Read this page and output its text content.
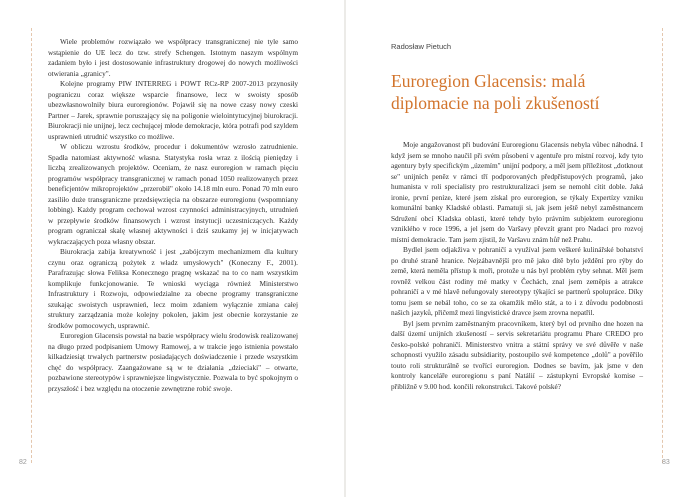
Wiele problemów rozwiązało we współpracy transgranicznej nie tyle samo wstąpienie do UE lecz do tzw. strefy Schengen. Istotnym naszym wspólnym zadaniem było i jest dostosowanie infrastruktury drogowej do nowych możliwości otwierania „granicy".

Kolejne programy PIW INTERREG i POWT RCz-RP 2007-2013 przynosiły pograniczu coraz większe wsparcie finansowe, lecz w swoisty sposób ubezwłasnowolniły biura euroregionów. Pojawił się na nowe czasy nowy czeski Partner – Jarek, sprawnie poruszający się na poligonie wielointytucyjnej biurokracji. Biurokracji nie unijnej, lecz cechującej młode demokracje, która potrafi pod szyldem usprawnień utrudnić wszystko co możliwe.

W obliczu wzrostu środków, procedur i dokumentów wzrosło zatrudnienie. Spadła natomiast aktywność własna. Statystyka rosła wraz z ilością pieniędzy i liczbą zrealizowanych projektów. Oceniam, że nasz euroregion w ramach pięciu programów współpracy transgranicznej w ramach ponad 1050 realizowanych przez beneficjentów mikroprojektów „przerobił" około 14.18 mln euro. Ponad 70 mln euro zasiliło duże transgraniczne przedsięwzięcia na obszarze euroregionu (wspomniany lobbing). Każdy program cechował wzrost czynności administracyjnych, utrudnień w przepływie środków finansowych i wzrost instytucji uczestniczących. Każdy program ograniczał skalę własnej aktywności i dziś szukamy jej w inicjatywach wykraczających poza własny obszar.

Biurokracja zabija kreatywność i jest „zabójczym mechanizmem dla kultury czynu oraz ograniczą pożytek z władz umysłowych" (Koneczny F., 2001). Parafrazując słowa Feliksa Konecznego pragnę wskazać na to co nam wszystkim komplikuje funkcjonowanie. Te wnioski wyciąga również Ministerstwo Infrastruktury i Rozwoju, odpowiedzialne za obecne programy transgraniczne szukając swoistych usprawnień, lecz moim zdaniem wyłącznie zmiana całej struktury zarządzania może kolejny pokolen, jakim jest obecnie korzystanie ze środków pomocowych, usprawnić.

Euroregion Glacensis powstał na bazie współpracy wielu środowisk realizowanej na długo przed podpisaniem Umowy Ramowej, a w trakcie jego istnienia powstało kilkadziesiąt trwałych partnerstw posiadających doświadczenie i przede wszystkim chęć do współpracy. Zaangażowane są w te działania „dzieciaki" – otwarte, pozbawione stereotypów i sprawniejsze lingwistycznie. Pozwala to być spokojnym o przyszłość i bez względu na otoczenie zewnętrzne robić swoje.

82
Radosław Pietuch
Euroregion Glacensis: malá diplomacie na poli zkušeností

Moje angažovanost při budování Euroregionu Glacensis nebyla vůbec náhodná. I když jsem se mnoho naučil při svém působení v agentuře pro místní rozvoj, kdy tyto agentury byly specifickým „územím" unijní podpory, a měl jsem příležitost „dotknout se" unijních peněz v rámci tří podporovaných předpřístupových programů, jako humanista v roli specialisty pro restrukturalizaci jsem se nemohl cítit doble. Jaká ironie, první peníze, které jsem získal pro euroregion, se týkaly Expertízy vzniku komunální banky Kladské oblasti. Pamatuji si, jak jsem ještě nebyl zaměstnancem Sdružení obcí Kladska oblasti, které tehdy bylo právním subjektem euroregionu vzniklého v roce 1996, a jel jsem do Varšavy převzít grant pro Nadaci pro rozvoj místní demokracie. Tam jsem zjistil, že Varšavu znám hůř než Prahu.

Bydlel jsem odjakživa v pohraničí a využíval jsem veškeré kulinářské bohatství po druhé straně hranice. Nejzábavnější pro mě jako dítě bylo ježdění pro rýby do země, která neměla přístup k moři, protože u nás byl problém ryby sehnat. Měl jsem rovněž velkou část rodiny mé matky v Čechách, znal jsem zeměpis a atrakce pohraničí a v mé hlavě nefungovaly stereotypy týkající se partnerů spolupráce. Díky tomu jsem se nebál toho, co se za okamžik mělo stát, a to i z důvodu podobnosti našich jazyků, přičemž mezi lingvistické dravce jsem zrovna nepatřil.

Byl jsem prvním zaměstnaným pracovníkem, který byl od prvního dne hozen na další území unijních zkušeností – servis sekretariátu programu Phare CREDO pro česko-polské pohraničí. Ministerstvo vnitra a státní správy ve své důvěře v naše schopnosti využilo zásadu subsidiarity, postoupilo své kompetence „dolů" a pověřilo touto roli strukturálně se tvořící euroregion. Dodnes se bavím, jak jsme v den kontroly kanceláře euroregionu s paní Natálií – zástupkyní Evropské komise – přibližně v 9.00 hod. končili rekonstrukci. Takové polské?

83
